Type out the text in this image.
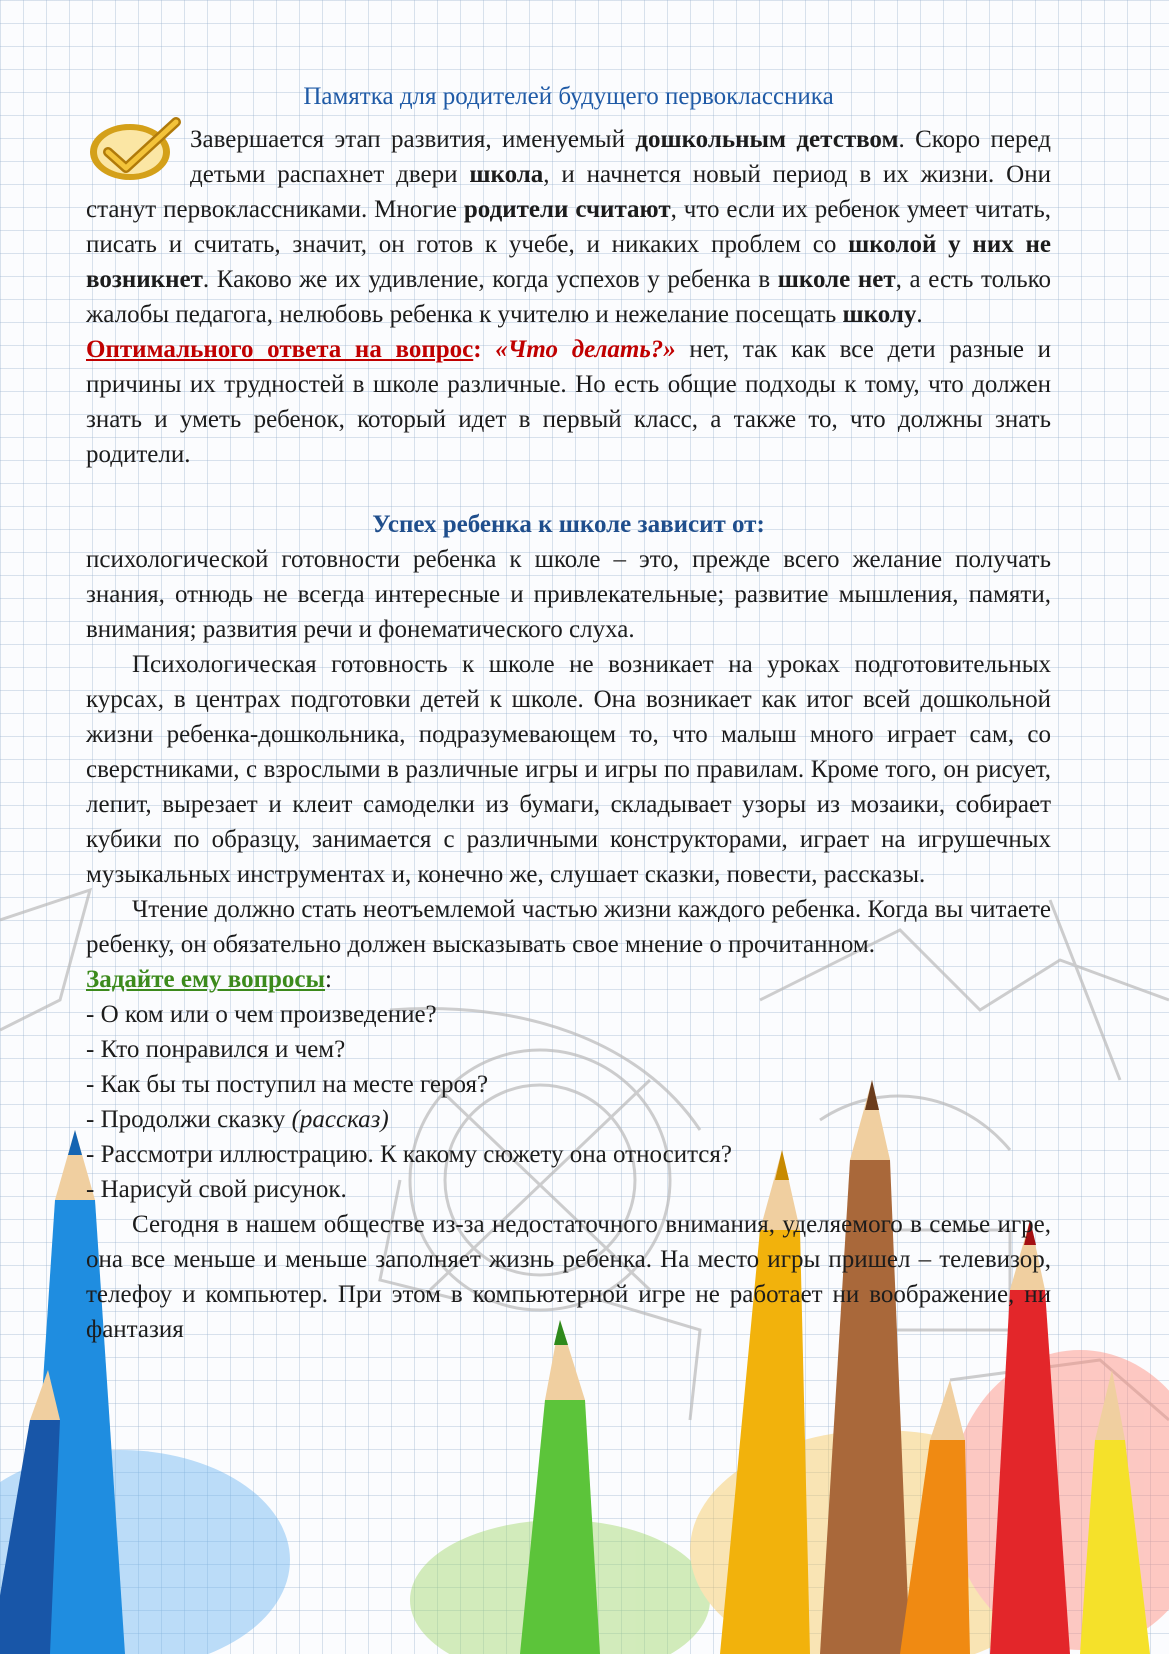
Памятка для родителей будущего первоклассника

Завершается этап развития, именуемый дошкольным детством. Скоро перед детьми распахнет двери школа, и начнется новый период в их жизни. Они станут первоклассниками. Многие родители считают, что если их ребенок умеет читать, писать и считать, значит, он готов к учебе, и никаких проблем со школой у них не возникнет. Каково же их удивление, когда успехов у ребенка в школе нет, а есть только жалобы педагога, нелюбовь ребенка к учителю и нежелание посещать школу.

Оптимального ответа на вопрос: «Что делать?» нет, так как все дети разные и причины их трудностей в школе различные. Но есть общие подходы к тому, что должен знать и уметь ребенок, который идет в первый класс, а также то, что должны знать родители.

Успех ребенка к школе зависит от:

психологической готовности ребенка к школе – это, прежде всего желание получать знания, отнюдь не всегда интересные и привлекательные; развитие мышления, памяти, внимания; развития речи и фонематического слуха.

Психологическая готовность к школе не возникает на уроках подготовительных курсах, в центрах подготовки детей к школе. Она возникает как итог всей дошкольной жизни ребенка-дошкольника, подразумевающем то, что малыш много играет сам, со сверстниками, с взрослыми в различные игры и игры по правилам. Кроме того, он рисует, лепит, вырезает и клеит самоделки из бумаги, складывает узоры из мозаики, собирает кубики по образцу, занимается с различными конструкторами, играет на игрушечных музыкальных инструментах и, конечно же, слушает сказки, повести, рассказы.

Чтение должно стать неотъемлемой частью жизни каждого ребенка. Когда вы читаете ребенку, он обязательно должен высказывать свое мнение о прочитанном.

Задайте ему вопросы:
- О ком или о чем произведение?
- Кто понравился и чем?
- Как бы ты поступил на месте героя?
- Продолжи сказку (рассказ)
- Рассмотри иллюстрацию. К какому сюжету она относится?
- Нарисуй свой рисунок.

Сегодня в нашем обществе из-за недостаточного внимания, уделяемого в семье игре, она все меньше и меньше заполняет жизнь ребенка. На место игры пришел – телевизор, телефоу и компьютер. При этом в компьютерной игре не работает ни воображение, ни фантазия
